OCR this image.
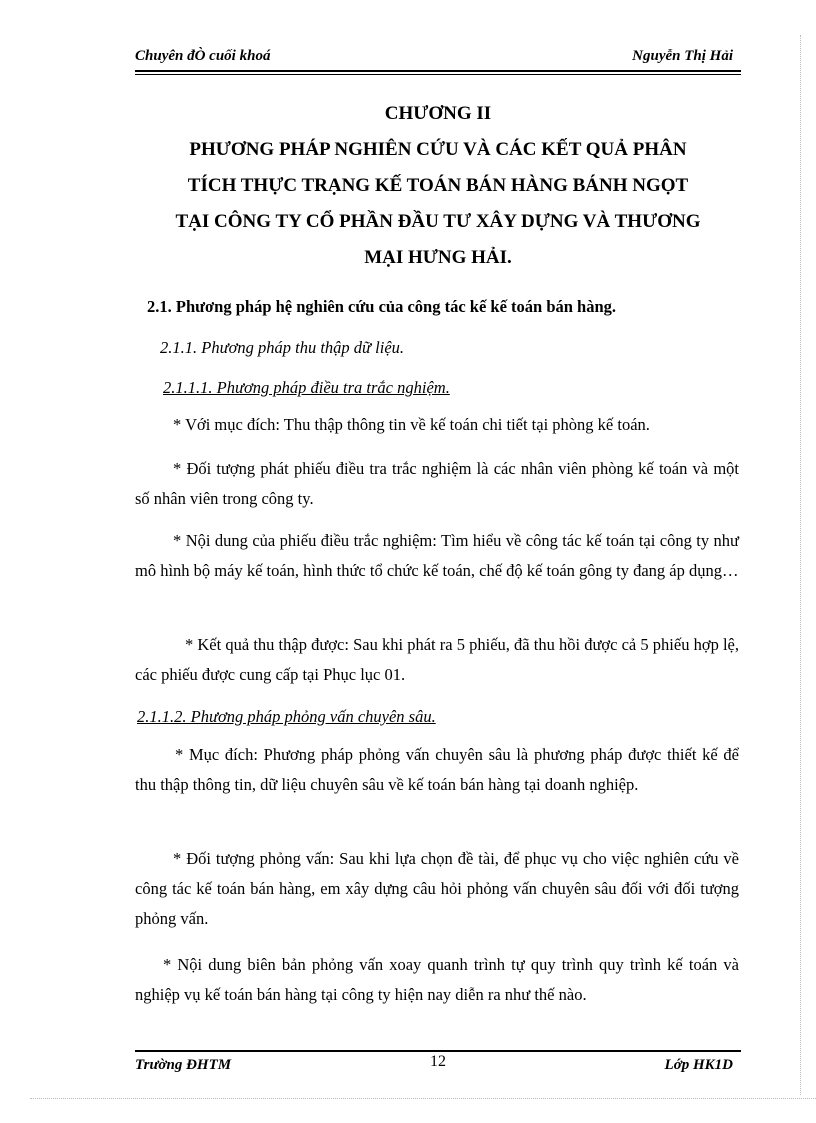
Chuyên đÒ cuối khoá	Nguyễn Thị Hải
CHƯƠNG II
PHƯƠNG PHÁP NGHIÊN CỨU VÀ CÁC KẾT QUẢ PHÂN
TÍCH THỰC TRẠNG KẾ TOÁN BÁN HÀNG BÁNH NGỌT
TẠI CÔNG TY CỔ PHẦN ĐẦU TƯ XÂY DỰNG VÀ THƯƠNG
MẠI HƯNG HẢI.
2.1. Phương pháp hệ nghiên cứu của công tác kế kế toán bán hàng.
2.1.1. Phương pháp thu thập dữ liệu.
2.1.1.1. Phương pháp điều tra trắc nghiệm.

* Với mục đích: Thu thập thông tin về kế toán chi tiết tại phòng kế toán.

* Đối tượng phát phiếu điều tra trắc nghiệm là các nhân viên phòng kế toán và một số nhân viên trong công ty.

* Nội dung của phiếu điều trắc nghiệm: Tìm hiểu về công tác kế toán tại công ty như mô hình bộ máy kế toán, hình thức tổ chức kế toán, chế độ kế toán gông ty đang áp dụng…

* Kết quả thu thập được: Sau khi phát ra 5 phiếu, đã thu hồi được cả 5 phiếu hợp lệ, các phiếu được cung cấp tại Phục lục 01.

2.1.1.2. Phương pháp phỏng vấn chuyên sâu.

* Mục đích: Phương pháp phỏng vấn chuyên sâu là phương pháp được thiết kế để thu thập thông tin, dữ liệu chuyên sâu về kế toán bán hàng tại doanh nghiệp.

* Đối tượng phỏng vấn: Sau khi lựa chọn đề tài, để phục vụ cho việc nghiên cứu về công tác kế toán bán hàng, em xây dựng câu hỏi phỏng vấn chuyên sâu đối với đối tượng phỏng vấn.

* Nội dung biên bản phỏng vấn xoay quanh trình tự quy trình quy trình kế toán và nghiệp vụ kế toán bán hàng tại công ty hiện nay diễn ra như thế nào.

Trường ĐHTM	12	Lớp HK1D
